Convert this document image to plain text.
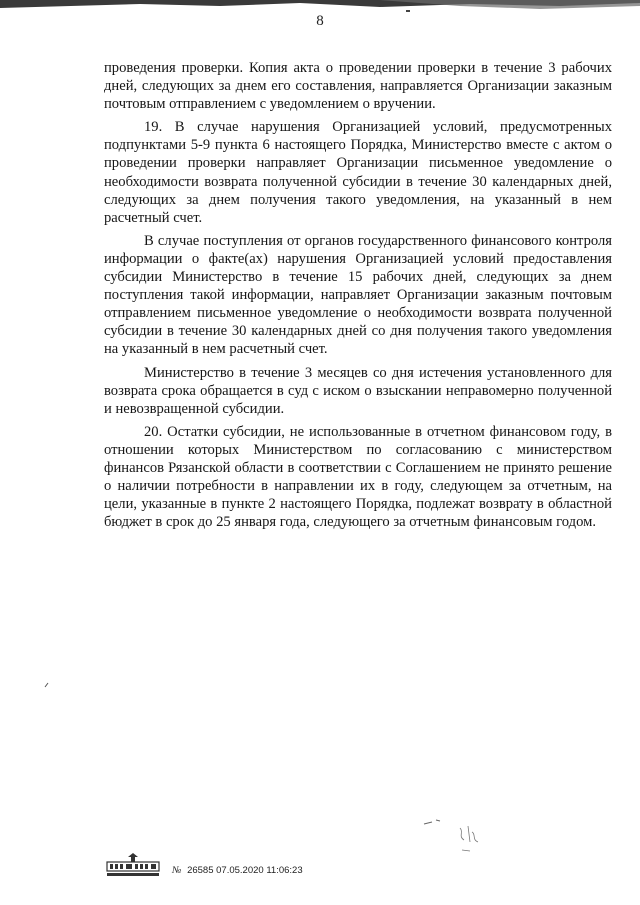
8

проведения проверки. Копия акта о проведении проверки в течение 3 рабочих дней, следующих за днем его составления, направляется Организации заказным почтовым отправлением с уведомлением о вручении.

19. В случае нарушения Организацией условий, предусмотренных подпунктами 5-9 пункта 6 настоящего Порядка, Министерство вместе с актом о проведении проверки направляет Организации письменное уведомление о необходимости возврата полученной субсидии в течение 30 календарных дней, следующих за днем получения такого уведомления, на указанный в нем расчетный счет.

В случае поступления от органов государственного финансового контроля информации о факте(ах) нарушения Организацией условий предоставления субсидии Министерство в течение 15 рабочих дней, следующих за днем поступления такой информации, направляет Организации заказным почтовым отправлением письменное уведомление о необходимости возврата полученной субсидии в течение 30 календарных дней со дня получения такого уведомления на указанный в нем расчетный счет.

Министерство в течение 3 месяцев со дня истечения установленного для возврата срока обращается в суд с иском о взыскании неправомерно полученной и невозвращенной субсидии.

20. Остатки субсидии, не использованные в отчетном финансовом году, в отношении которых Министерством по согласованию с министерством финансов Рязанской области в соответствии с Соглашением не принято решение о наличии потребности в направлении их в году, следующем за отчетным, на цели, указанные в пункте 2 настоящего Порядка, подлежат возврату в областной бюджет в срок до 25 января года, следующего за отчетным финансовым годом.

№ 26585 07.05.2020 11:06:23
